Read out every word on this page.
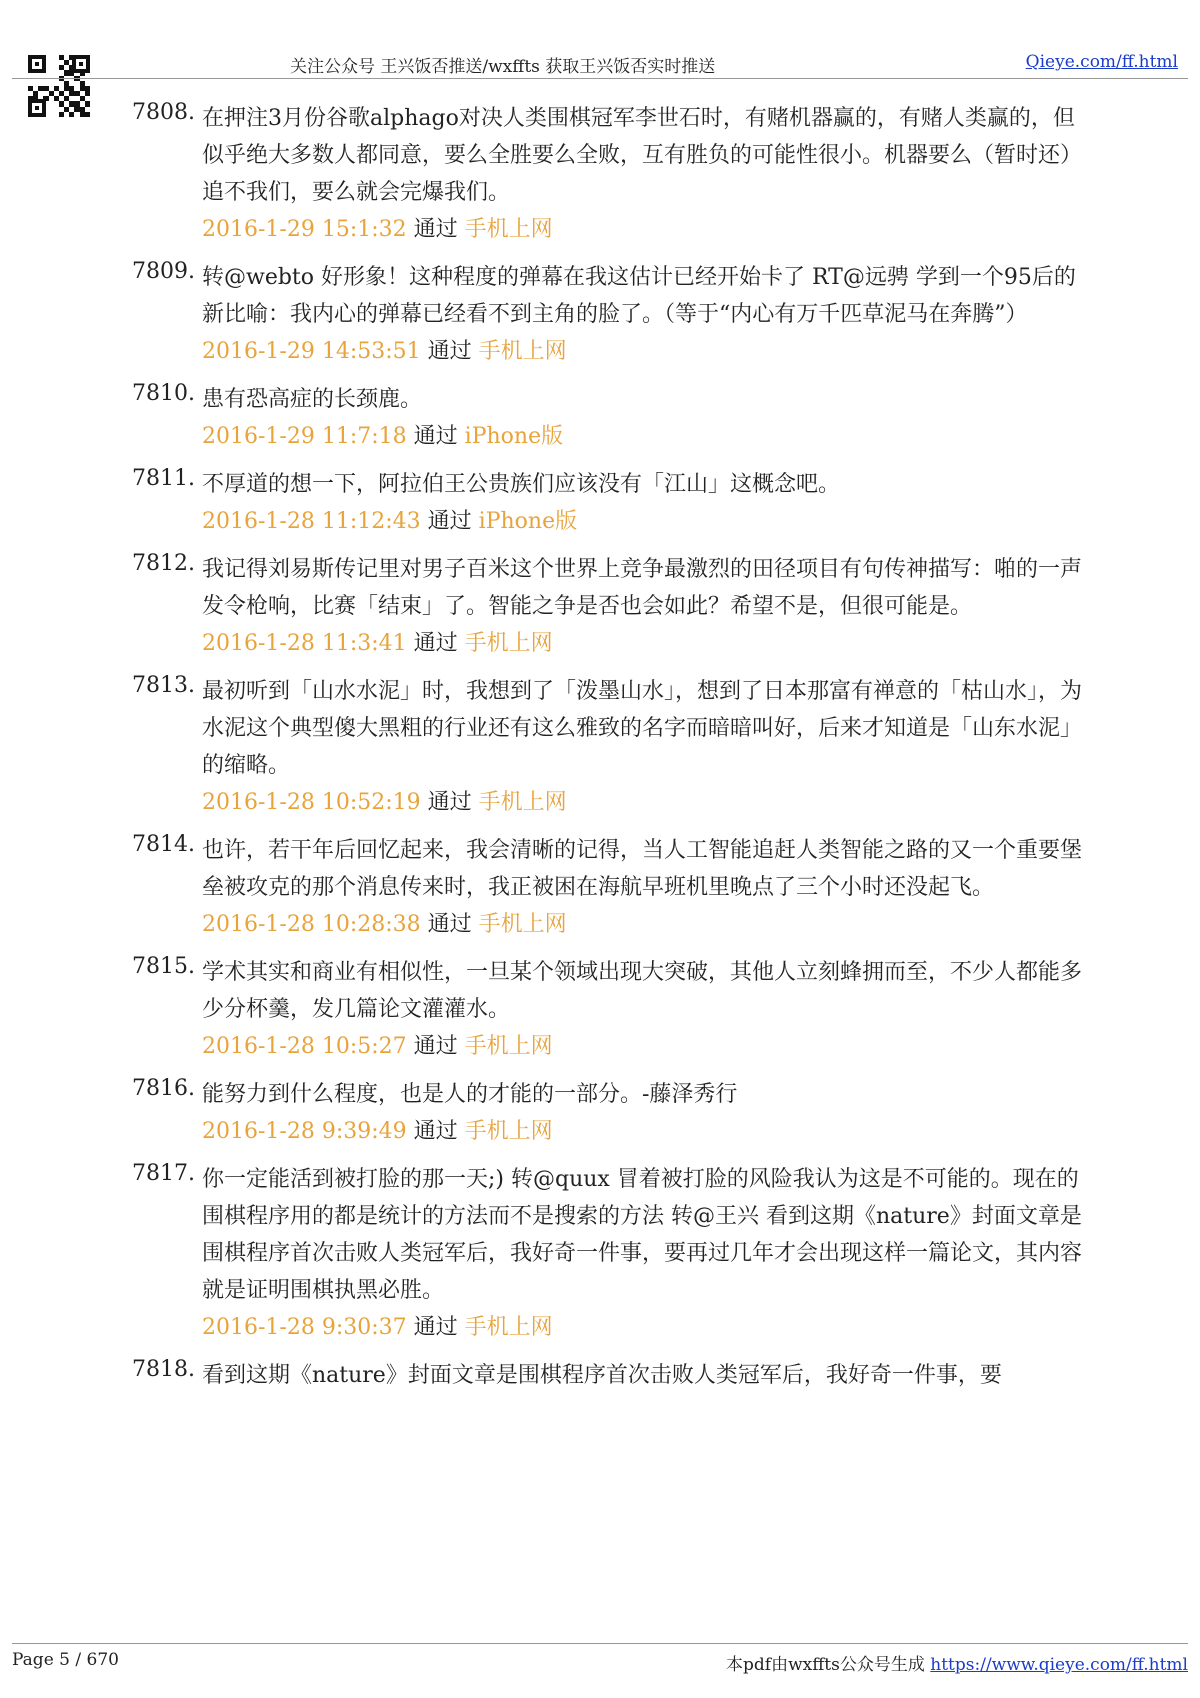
关注公众号 王兴饭否推送/wxffts 获取王兴饭否实时推送	Qieye.com/ff.html
7808. 在押注3月份谷歌alphago对决人类围棋冠军李世石时，有赌机器赢的，有赌人类赢的，但似乎绝大多数人都同意，要么全胜要么全败，互有胜负的可能性很小。机器要么（暂时还）追不我们，要么就会完爆我们。
2016-1-29 15:1:32 通过 手机上网
7809. 转@webto 好形象！这种程度的弹幕在我这估计已经开始卡了 RT@远骋 学到一个95后的新比喻：我内心的弹幕已经看不到主角的脸了。（等于“内心有万千匹草泥马在奔腾”）
2016-1-29 14:53:51 通过 手机上网
7810. 患有恐高症的长颈鹿。
2016-1-29 11:7:18 通过 iPhone版
7811. 不厚道的想一下，阿拉伯王公贵族们应该没有「江山」这概念吧。
2016-1-28 11:12:43 通过 iPhone版
7812. 我记得刘易斯传记里对男子百米这个世界上竞争最激烈的田径项目有句传神描写：啪的一声发令枪响，比赛「结束」了。智能之争是否也会如此？希望不是，但很可能是。
2016-1-28 11:3:41 通过 手机上网
7813. 最初听到「山水水泥」时，我想到了「泼墨山水」，想到了日本那富有禅意的「枯山水」，为水泥这个典型傻大黑粗的行业还有这么雅致的名字而暗暗叫好，后来才知道是「山东水泥」的缩略。
2016-1-28 10:52:19 通过 手机上网
7814. 也许，若干年后回忆起来，我会清晰的记得，当人工智能追赶人类智能之路的又一个重要堡垒被攻克的那个消息传来时，我正被困在海航早班机里晚点了三个小时还没起飞。
2016-1-28 10:28:38 通过 手机上网
7815. 学术其实和商业有相似性，一旦某个领域出现大突破，其他人立刻蜂拥而至，不少人都能多少分杯羹，发几篇论文灌灌水。
2016-1-28 10:5:27 通过 手机上网
7816. 能努力到什么程度，也是人的才能的一部分。-藤泽秀行
2016-1-28 9:39:49 通过 手机上网
7817. 你一定能活到被打脸的那一天;) 转@quux 冒着被打脸的风险我认为这是不可能的。现在的围棋程序用的都是统计的方法而不是搜索的方法 转@王兴 看到这期《nature》封面文章是围棋程序首次击败人类冠军后，我好奇一件事，要再过几年才会出现这样一篇论文，其内容就是证明围棋执黑必胜。
2016-1-28 9:30:37 通过 手机上网
7818. 看到这期《nature》封面文章是围棋程序首次击败人类冠军后，我好奇一件事，要
Page 5 / 670	本pdf由wxffts公众号生成 https://www.qieye.com/ff.html
